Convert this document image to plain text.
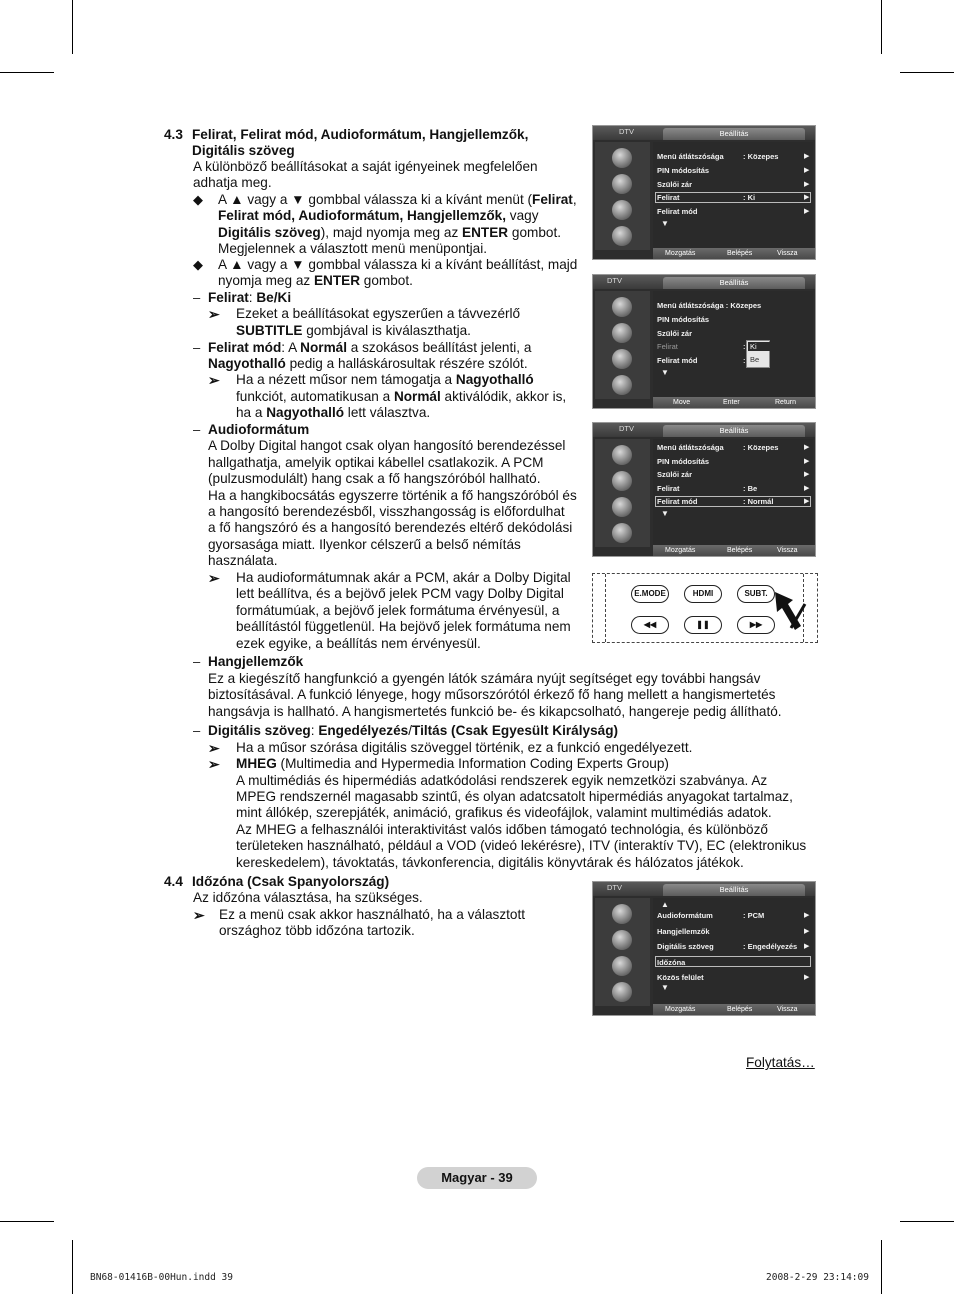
4.3 Felirat, Felirat mód, Audioformátum, Hangjellemzők,
Digitális szöveg
A különböző beállításokat a saját igényeinek megfelelően
adhatja meg.
◆ A ▲ vagy a ▼ gombbal válassza ki a kívánt menüt (Felirat,
Felirat mód, Audioformátum, Hangjellemzők, vagy
Digitális szöveg), majd nyomja meg az ENTER gombot.
Megjelennek a választott menü menüpontjai.
◆ A ▲ vagy a ▼ gombbal válassza ki a kívánt beállítást, majd
nyomja meg az ENTER gombot.
– Felirat: Be/Ki
➢ Ezeket a beállításokat egyszerűen a távvezérlő
SUBTITLE gombjával is kiválaszthatja.
– Felirat mód: A Normál a szokásos beállítást jelenti, a
Nagyothalló pedig a halláskárosultak részére szólót.
➢ Ha a nézett műsor nem támogatja a Nagyothalló
funkciót, automatikusan a Normál aktiválódik, akkor is,
ha a Nagyothalló lett választva.
– Audioformátum
A Dolby Digital hangot csak olyan hangosító berendezéssel
hallgathatja, amelyik optikai kábellel csatlakozik. A PCM
(pulzusmodulált) hang csak a fő hangszóróból hallható.
Ha a hangkibocsátás egyszerre történik a fő hangszóróból és
a hangosító berendezésből, visszhangosság is előfordulhat
a fő hangszóró és a hangosító berendezés eltérő dekódolási
gyorsasága miatt. Ilyenkor célszerű a belső némítás
használata.
➢ Ha audioformátumnak akár a PCM, akár a Dolby Digital
lett beállítva, és a bejövő jelek PCM vagy Dolby Digital
formátumúak, a bejövő jelek formátuma érvényesül, a
beállítástól függetlenül. Ha bejövő jelek formátuma nem
ezek egyike, a beállítás nem érvényesül.
– Hangjellemzők
Ez a kiegészítő hangfunkció a gyengén látók számára nyújt segítséget egy további hangsáv
biztosításával. A funkció lényege, hogy műsorszórótól érkező fő hang mellett a hangismertetés
hangsávja is hallható. A hangismertetés funkció be- és kikapcsolható, hangereje pedig állítható.
– Digitális szöveg: Engedélyezés/Tiltás (Csak Egyesült Királyság)
➢ Ha a műsor szórása digitális szöveggel történik, ez a funkció engedélyezett.
➢ MHEG (Multimedia and Hypermedia Information Coding Experts Group)
A multimédiás és hipermédiás adatkódolási rendszerek egyik nemzetközi szabványa. Az
MPEG rendszernél magasabb szintű, és olyan adatcsatolt hipermédiás anyagokat tartalmaz,
mint állókép, szerepjáték, animáció, grafikus és videofájlok, valamint multimédiás adatok.
Az MHEG a felhasználói interaktivitást valós időben támogató technológia, és különböző
területeken használható, például a VOD (videó lekérésre), ITV (interaktív TV), EC (elektronikus
kereskedelem), távoktatás, távkonferencia, digitális könyvtárak és hálózatos játékok.
4.4 Időzóna (Csak Spanyolország)
Az időzóna választása, ha szükséges.
➢ Ez a menü csak akkor használható, ha a választott
országhoz több időzóna tartozik.
DTV	Beállítás
Menü átlátszósága	: Közepes	▶
PIN módosítás	▶
Szülői zár	▶
Felirat	: Ki	▶
Felirat mód	▶
▼
Mozgatás	Belépés	Vissza
DTV	Beállítás
Menü átlátszósága : Közepes
PIN módosítás
Szülői zár
Felirat	:
Felirat mód	:
Ki
Be
▼
Move	Enter	Return
DTV	Beállítás
Menü átlátszósága	: Közepes	▶
PIN módosítás	▶
Szülői zár	▶
Felirat	: Be	▶
Felirat mód	: Normál	▶
▼
Mozgatás	Belépés	Vissza
E.MODE	HDMI	SUBT.
◀◀	❚❚	▶▶
DTV	Beállítás
▲
Audioformátum	: PCM	▶
Hangjellemzők	▶
Digitális szöveg	: Engedélyezés ▶
Időzóna
Közös felület	▶
▼
Mozgatás	Belépés	Vissza
Folytatás…
Magyar - 39
BN68-01416B-00Hun.indd 39	2008-2-29 23:14:09
